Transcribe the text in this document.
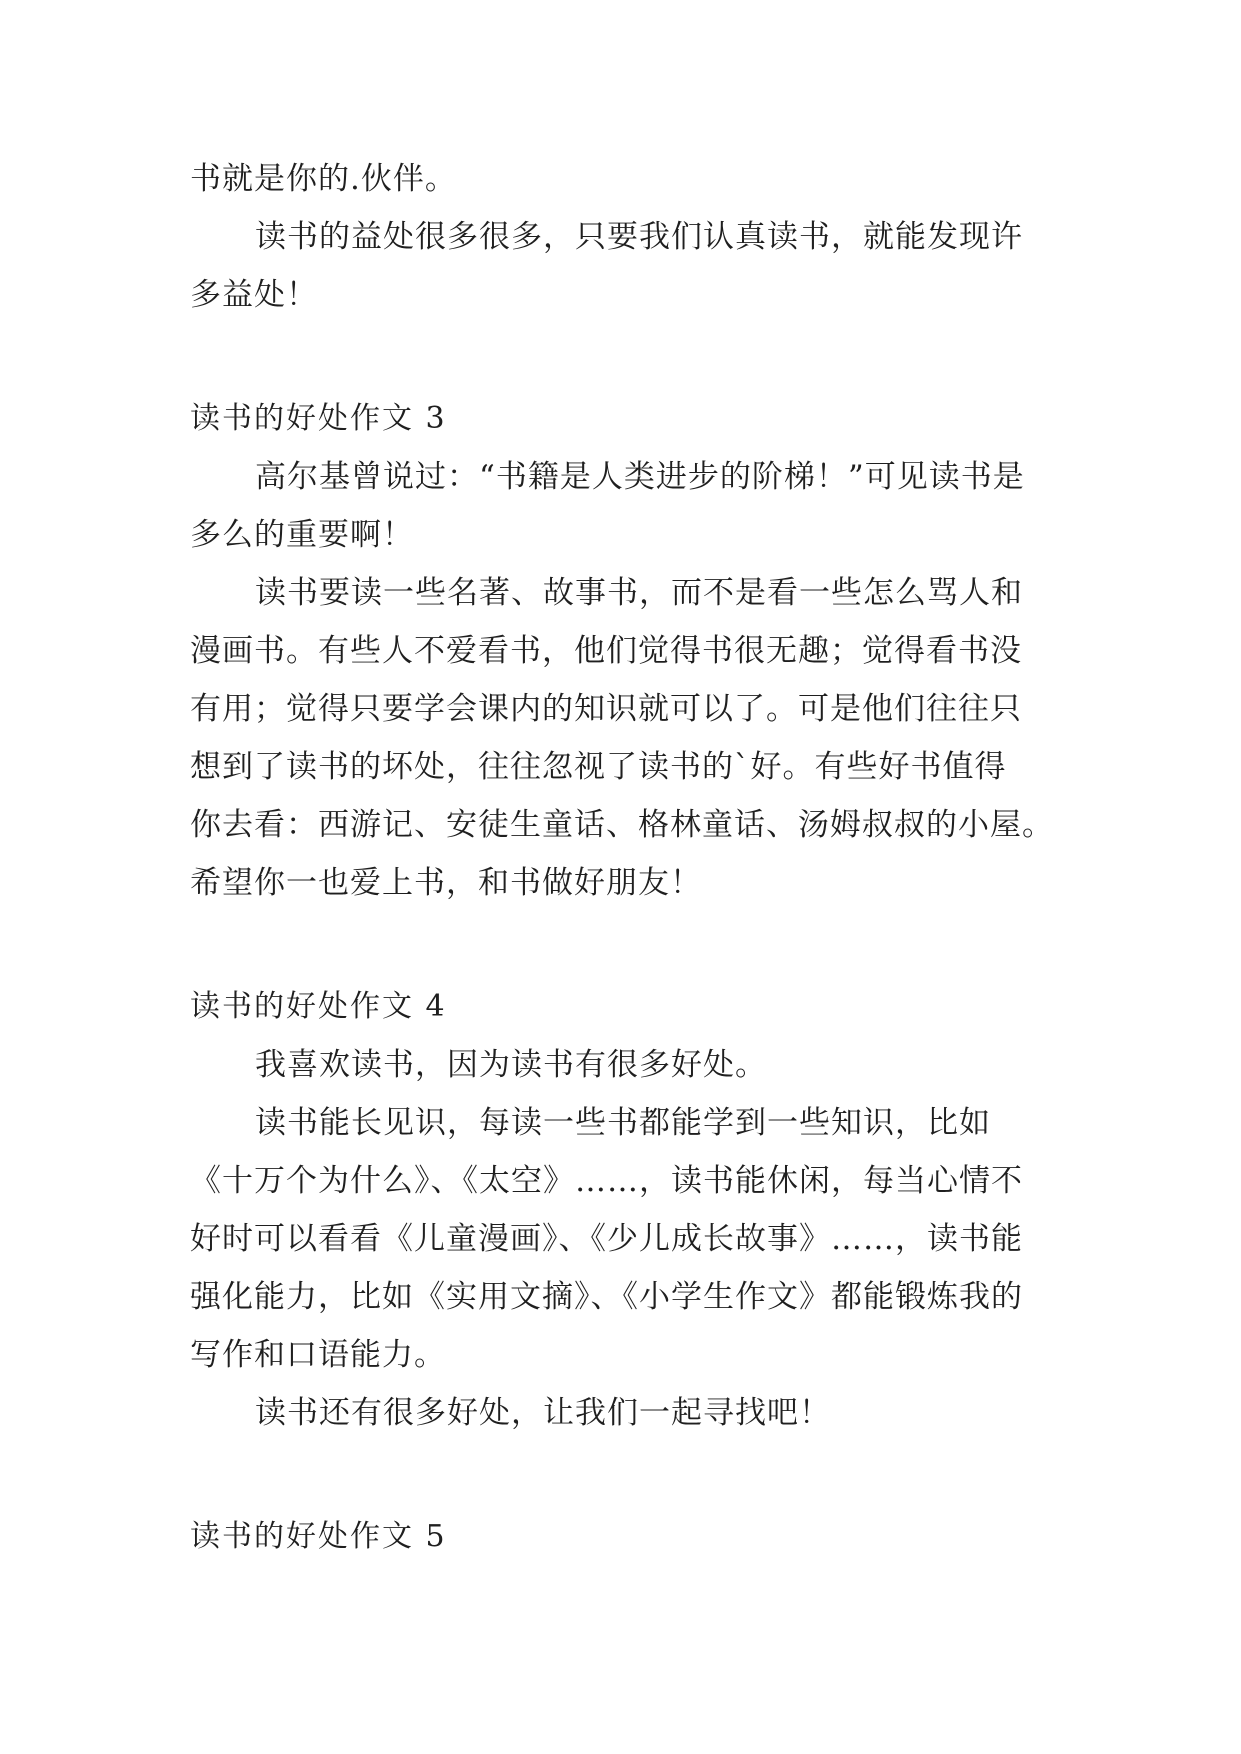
书就是你的.伙伴。
读书的益处很多很多，只要我们认真读书，就能发现许
多益处！
读书的好处作文 3
高尔基曾说过：“书籍是人类进步的阶梯！”可见读书是
多么的重要啊！
读书要读一些名著、故事书，而不是看一些怎么骂人和
漫画书。有些人不爱看书，他们觉得书很无趣；觉得看书没
有用；觉得只要学会课内的知识就可以了。可是他们往往只
想到了读书的坏处，往往忽视了读书的`好。有些好书值得
你去看：西游记、安徒生童话、格林童话、汤姆叔叔的小屋。
希望你一也爱上书，和书做好朋友！
读书的好处作文 4
我喜欢读书，因为读书有很多好处。
读书能长见识，每读一些书都能学到一些知识，比如
《十万个为什么》、《太空》……，读书能休闲，每当心情不
好时可以看看《儿童漫画》、《少儿成长故事》……，读书能
强化能力，比如《实用文摘》、《小学生作文》都能锻炼我的
写作和口语能力。
读书还有很多好处，让我们一起寻找吧！
读书的好处作文 5
